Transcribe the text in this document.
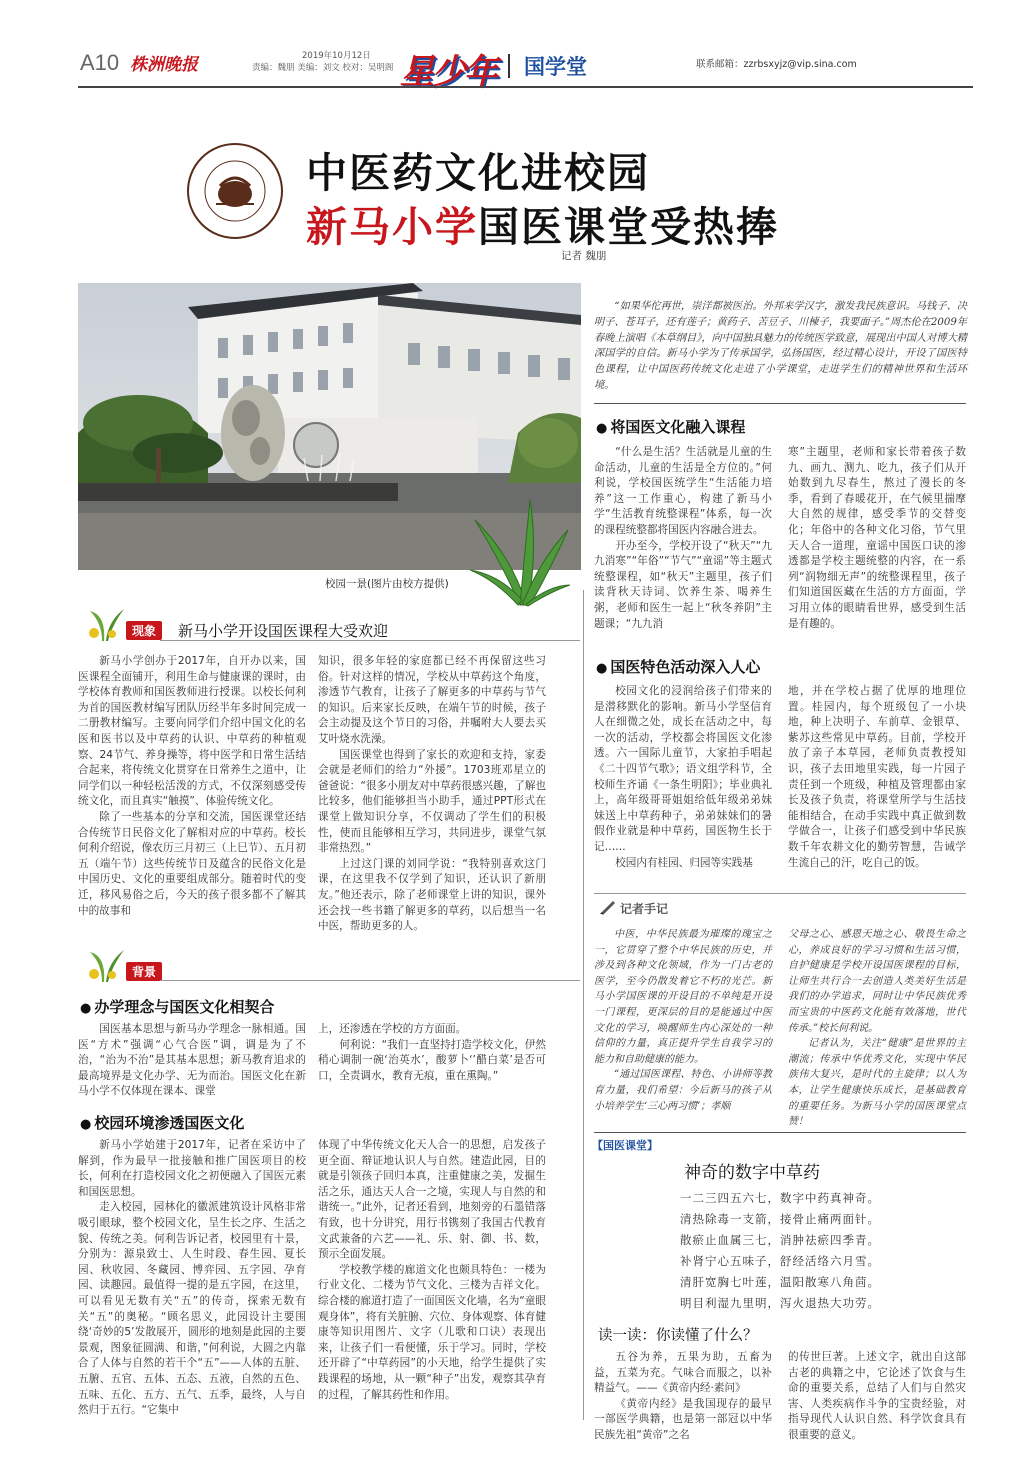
A10 株洲晚报	2019年10月12日
责编：魏朋 美编：刘文 校对：吴明阁 星少年 国学堂	联系邮箱：zzrbsxyjz@vip.sina.com
中医药文化进校园
新马小学国医课堂受热捧
记者 魏朋
校园一景(图片由校方提供)
“如果华佗再世，崇洋都被医治。外邦来学汉字，激发我民族意识。马钱子、决明子、苍耳子，还有莲子；黄药子、苦豆子、川楝子，我要面子。”周杰伦在2009年春晚上演唱《本草纲目》，向中国独具魅力的传统医学致意，展现出中国人对博大精深国学的自信。新马小学为了传承国学，弘扬国医，经过精心设计，开设了国医特色课程，让中国医药传统文化走进了小学课堂，走进学生们的精神世界和生活环境。
● 将国医文化融入课程

“什么是生活？生活就是儿童的生命活动，儿童的生活是全方位的。”何利说，学校国医统学生“生活能力培养”这一工作重心，构建了新马小学“生活教育统整课程”体系，每一次的课程统整都将国医内容融合进去。

开办至今，学校开设了“秋天”“九九消寒”“年俗”“节气”“童谣”等主题式统整课程，如“秋天”主题里，孩子们读背秋天诗词、饮养生茶、喝养生粥，老师和医生一起上“秋冬养阴”主题课；“九九消

寒”主题里，老师和家长带着孩子数九、画九、测九、吃九，孩子们从开始数到九尽春生，熬过了漫长的冬季，看到了春暖花开，在气候里揣摩大自然的规律，感受季节的交替变化；年俗中的各种文化习俗，节气里天人合一道理，童谣中国医口诀的渗透都是学校主题统整的内容，在一系列“润物细无声”的统整课程里，孩子们知道国医藏在生活的方方面面，学习用立体的眼睛看世界，感受到生活是有趣的。

● 国医特色活动深入人心

校园文化的浸润给孩子们带来的是潜移默化的影响。新马小学坚信育人在细微之处，成长在活动之中，每一次的活动，学校都会将国医文化渗透。六一国际儿童节，大家拍手唱起《二十四节气歌》；语文组学科节，全校师生齐诵《一条生明阳》；毕业典礼上，高年级哥哥姐姐给低年级弟弟妹妹送上中草药种子，弟弟妹妹们的暑假作业就是种中草药，国医物生长于记……

校园内有桂园、归园等实践基

地，并在学校占据了优厚的地理位置。桂园内，每个班级包了一小块地，种上决明子、车前草、金银草、紫苏这些常见中草药。目前，学校开放了亲子本草园，老师负责教授知识，孩子去田地里实践，每一片园子责任到一个班级，种植及管理都由家长及孩子负责，将课堂所学与生活技能相结合，在动手实践中真正做到数学做合一，让孩子们感受到中华民族数千年农耕文化的勤劳智慧，告诫学生流自己的汗，吃自己的饭。

现象	新马小学开设国医课程大受欢迎

新马小学创办于2017年，自开办以来，国医课程全面铺开，利用生命与健康课的课时，由学校体育教师和国医教师进行授课。以校长何利为首的国医教材编写团队历经半年多时间完成一二册教材编写。主要向同学们介绍中国文化的名医和医书以及中草药的认识、中草药的种植观察、24节气、养身操等，将中医学和日常生活结合起来，将传统文化贯穿在日常养生之道中，让同学们以一种轻松活泼的方式，不仅深刻感受传统文化，而且真实“触摸”、体验传统文化。

除了一些基本的分享和交流，国医课堂还结合传统节日民俗文化了解相对应的中草药。校长何利介绍说，像农历三月初三（上巳节）、五月初五（端午节）这些传统节日及蕴含的民俗文化是中国历史、文化的重要组成部分。随着时代的变迁，移风易俗之后，今天的孩子很多都不了解其中的故事和

知识，很多年轻的家庭都已经不再保留这些习俗。针对这样的情况，学校从中草药这个角度，渗透节气教育，让孩子了解更多的中草药与节气的知识。后来家长反映，在端午节的时候，孩子会主动提及这个节日的习俗，并嘱咐大人要去买艾叶烧水洗澡。

国医课堂也得到了家长的欢迎和支持，家委会就是老师们的给力“外援”。1703班邓星立的爸爸说：“很多小朋友对中草药很感兴趣，了解也比较多，他们能够担当小助手，通过PPT形式在课堂上做知识分享，不仅调动了学生们的积极性，使而且能够相互学习，共同进步，课堂气氛非常热烈。”

上过这门课的刘同学说：“我特别喜欢这门课，在这里我不仅学到了知识，还认识了新朋友。”他还表示，除了老师课堂上讲的知识，课外还会找一些书籍了解更多的草药，以后想当一名中医，帮助更多的人。

背景
● 办学理念与国医文化相契合

国医基本思想与新马办学理念一脉相通。国医“方术”强调“心气合医”调，调是为了不治，“治为不治”是其基本思想；新马教育追求的最高境界是文化办学、无为而治。国医文化在新马小学不仅体现在课本、课堂

上，还渗透在学校的方方面面。

何利说：“我们一直坚持打造学校文化，伊然稍心调制一碗‘治英水’，酸萝卜‘’醋白菜’是否可口，全责调水，教育无痕，重在熏陶。”

● 校园环境渗透国医文化

新马小学始建于2017年，记者在采访中了解到，作为最早一批接触和推广国医项目的校长，何利在打造校园文化之初便融入了国医元素和国医思想。

走入校园，园林化的徽派建筑设计风格非常吸引眼球，整个校园文化，呈生长之序、生活之貌、传统之美。何利告诉记者，校园里有十景，分别为：源泉致士、人生时段、春生园、夏长园、秋收园、冬藏园、博弈园、五字园、孕育园、读趣园。最值得一提的是五字园，在这里，可以看见无数有关“五”的传奇，探索无数有关“五”的奥秘。“顾名思义，此园设计主要围绕‘奇妙的5’发散展开，圆形的地刻是此园的主要景观，图象征圆满、和谐，”何利说，大圆之内靠合了人体与自然的若干个“五”——人体的五脏、五腑、五官、五体、五态、五液，自然的五色、五味、五化、五方、五气、五季，最终，人与自然归于五行。“它集中

体现了中华传统文化天人合一的思想，启发孩子更全面、辩证地认识人与自然。建造此园，目的就是引领孩子回归本真，注重健康之美，发掘生活之乐，通达天人合一之境，实现人与自然的和谐统一。”此外，记者还看到，地刻旁的石墨错落有致，也十分讲究，用行书镌刻了我国古代教育文武兼备的六艺——礼、乐、射、御、书、数，预示全面发展。

学校教学楼的廊道文化也颇具特色：一楼为行业文化、二楼为节气文化、三楼为吉祥文化。综合楼的廊道打造了一面国医文化墙，名为“童眼观身体”，将有关脏腑、穴位、身体观察、体育健康等知识用图片、文字（儿歌和口诀）表现出来，让孩子们一看便懂，乐于学习。同时，学校还开辟了“中草药园”的小天地，给学生提供了实践课程的场地，从一颗“种子”出发，观察其孕育的过程，了解其药性和作用。

记者手记

中医，中华民族最为璀璨的瑰宝之一，它贯穿了整个中华民族的历史，并涉及到各种文化领域，作为一门古老的医学，至今仍散发着它不朽的光芒。新马小学国医课的开设目的不单纯是开设一门课程，更深层的目的是能通过中医文化的学习，唤醒师生内心深处的一种信仰的力量，真正提升学生自我学习的能力和自助健康的能力。

“通过国医课程、特色、小讲师等教育力量，我们希望：今后新马的孩子从小培养学生‘三心两习惯’；孝顺

父母之心、感恩天地之心、敬畏生命之心，养成良好的学习习惯和生活习惯，自护健康是学校开设国医课程的目标，让师生共行合一去创造人类美好生活是我们的办学追求，同时让中华民族优秀而宝贵的中医药文化能有效落地，世代传承。”校长何利说。

记者认为，关注“健康”是世界的主潮流；传承中华优秀文化，实现中华民族伟大复兴，是时代的主旋律；以人为本，让学生健康快乐成长，是基础教育的重要任务。为新马小学的国医课堂点赞！

【国医课堂】
神奇的数字中草药
一二三四五六七，数字中药真神奇。
清热除毒一支箭，接骨止痛两面针。
散瘀止血属三七，消肿祛瘀四季青。
补肾宁心五味子，舒经活络六月雪。
清肝宽胸七叶莲，温阳散寒八角茴。
明目利湿九里明，泻火退热大功劳。
读一读：你读懂了什么？

五谷为养，五果为助，五畜为益，五菜为充。气味合而服之，以补精益气。——《黄帝内经·素问》

《黄帝内经》是我国现存的最早一部医学典籍，也是第一部冠以中华民族先祖“黄帝”之名

的传世巨著。上述文字，就出自这部古老的典籍之中，它论述了饮食与生命的重要关系，总结了人们与自然灾害、人类疾病作斗争的宝贵经验，对指导现代人认识自然、科学饮食具有很重要的意义。
